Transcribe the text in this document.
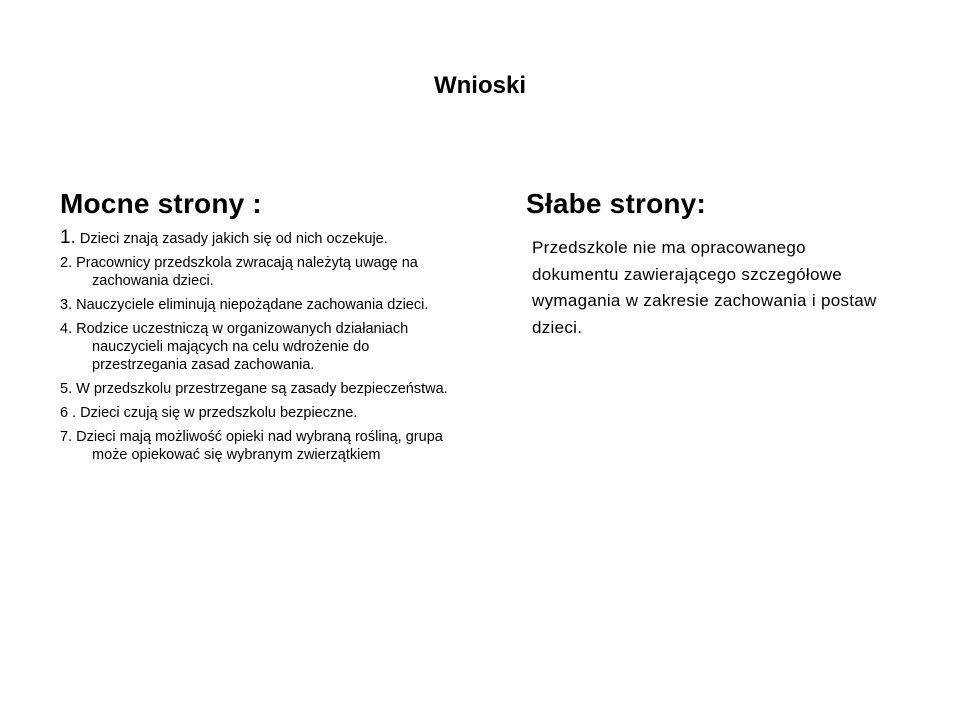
Wnioski
Mocne strony :
1. Dzieci znają zasady jakich się od nich oczekuje.
2. Pracownicy przedszkola zwracają należytą uwagę na zachowania dzieci.
3. Nauczyciele eliminują niepożądane zachowania dzieci.
4. Rodzice uczestniczą w organizowanych działaniach nauczycieli mających na celu wdrożenie do przestrzegania zasad zachowania.
5. W przedszkolu przestrzegane są zasady bezpieczeństwa.
6 . Dzieci czują się w przedszkolu bezpieczne.
7. Dzieci mają możliwość opieki nad wybraną rośliną, grupa może opiekować się wybranym zwierzątkiem
Słabe strony:

Przedszkole nie ma opracowanego dokumentu zawierającego szczegółowe wymagania w zakresie zachowania i postaw dzieci.
